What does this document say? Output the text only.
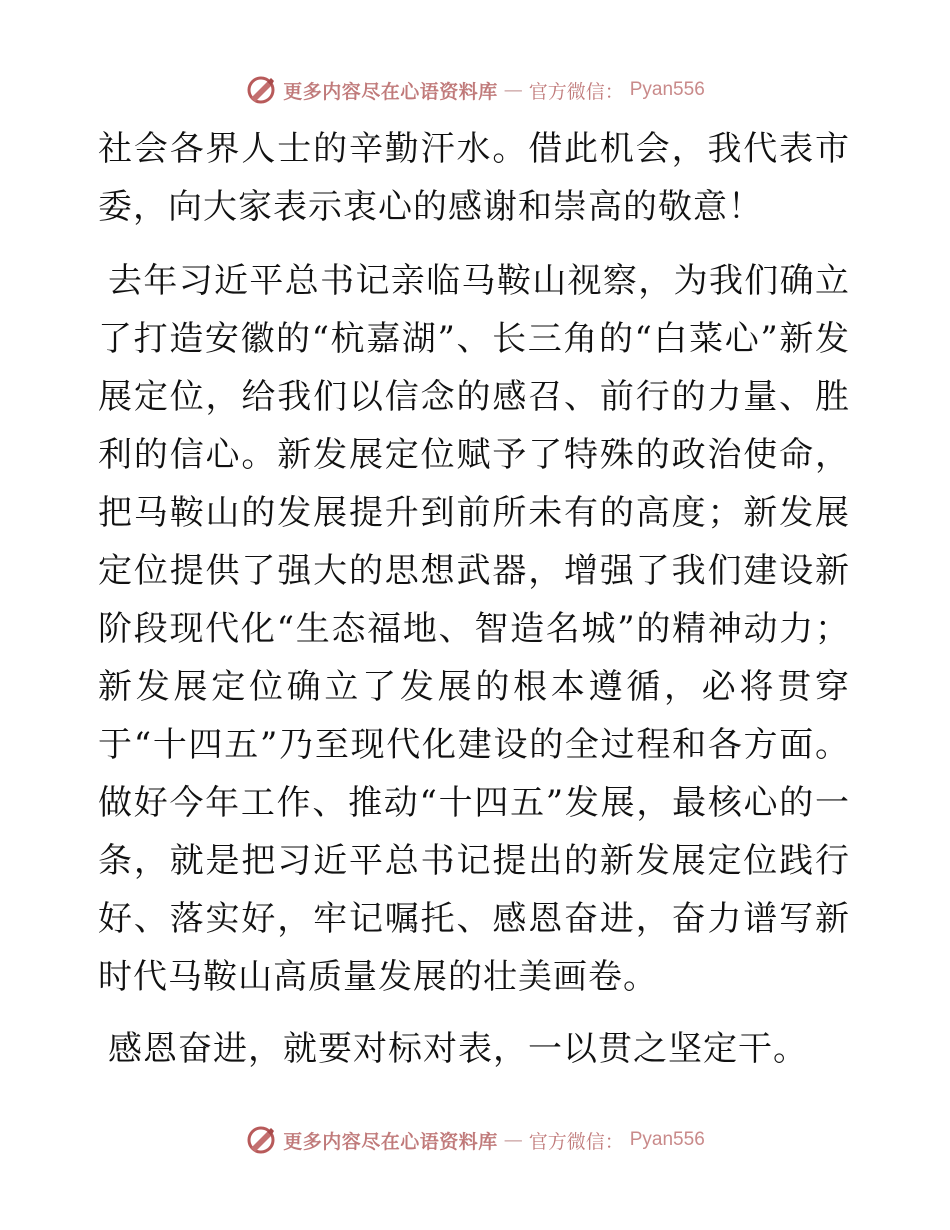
更多内容尽在心语资料库 — 官方微信： Pyan556

社会各界人士的辛勤汗水。借此机会，我代表市委，向大家表示衷心的感谢和崇高的敬意！

去年习近平总书记亲临马鞍山视察，为我们确立了打造安徽的“杭嘉湖”、长三角的“白菜心”新发展定位，给我们以信念的感召、前行的力量、胜利的信心。新发展定位赋予了特殊的政治使命，把马鞍山的发展提升到前所未有的高度；新发展定位提供了强大的思想武器，增强了我们建设新阶段现代化“生态福地、智造名城”的精神动力；新发展定位确立了发展的根本遵循，必将贯穿于“十四五”乃至现代化建设的全过程和各方面。做好今年工作、推动“十四五”发展，最核心的一条，就是把习近平总书记提出的新发展定位践行好、落实好，牢记嘱托、感恩奋进，奋力谱写新时代马鞍山高质量发展的壮美画卷。

感恩奋进，就要对标对表，一以贯之坚定干。

更多内容尽在心语资料库 — 官方微信： Pyan556
